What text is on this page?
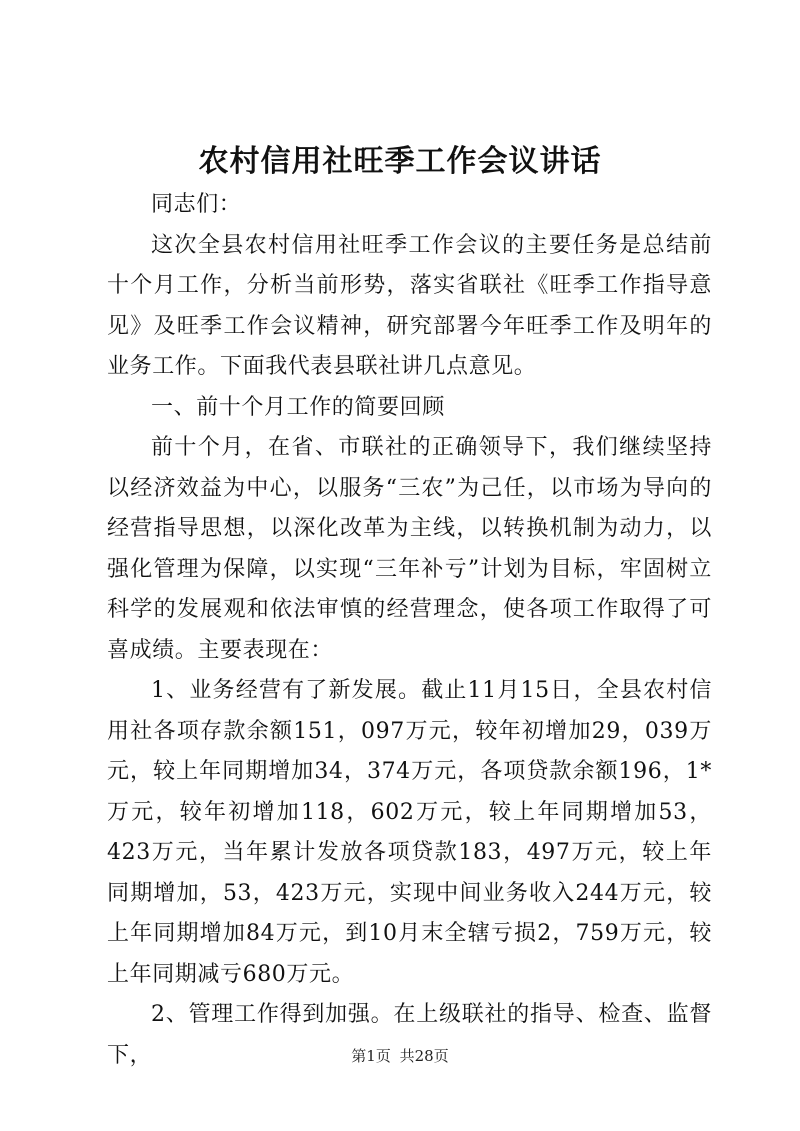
农村信用社旺季工作会议讲话

同志们：

这次全县农村信用社旺季工作会议的主要任务是总结前十个月工作，分析当前形势，落实省联社《旺季工作指导意见》及旺季工作会议精神，研究部署今年旺季工作及明年的业务工作。下面我代表县联社讲几点意见。

一、前十个月工作的简要回顾

前十个月，在省、市联社的正确领导下，我们继续坚持以经济效益为中心，以服务“三农”为己任，以市场为导向的经营指导思想，以深化改革为主线，以转换机制为动力，以强化管理为保障，以实现“三年补亏”计划为目标，牢固树立科学的发展观和依法审慎的经营理念，使各项工作取得了可喜成绩。主要表现在：

1、业务经营有了新发展。截止11月15日，全县农村信用社各项存款余额151，097万元，较年初增加29，039万元，较上年同期增加34，374万元，各项贷款余额196，1*万元，较年初增加118，602万元，较上年同期增加53，423万元，当年累计发放各项贷款183，497万元，较上年同期增加，53，423万元，实现中间业务收入244万元，较上年同期增加84万元，到10月末全辖亏损2，759万元，较上年同期减亏680万元。

2、管理工作得到加强。在上级联社的指导、检查、监督下，	第1页 共28页
